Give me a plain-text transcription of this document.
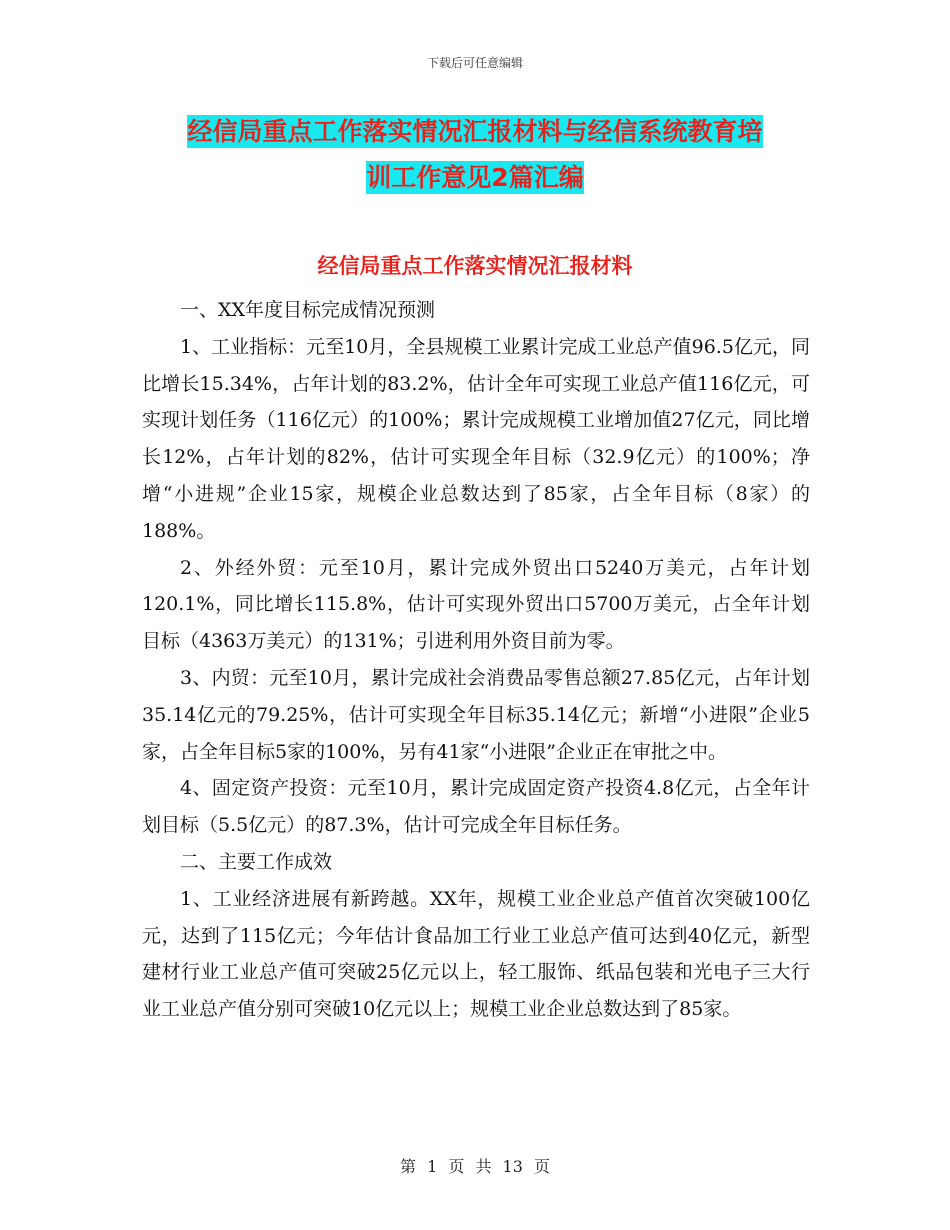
下载后可任意编辑
经信局重点工作落实情况汇报材料与经信系统教育培
训工作意见2篇汇编
经信局重点工作落实情况汇报材料

一、XX年度目标完成情况预测

1、工业指标：元至10月，全县规模工业累计完成工业总产值96.5亿元，同比增长15.34%，占年计划的83.2%，估计全年可实现工业总产值116亿元，可实现计划任务（116亿元）的100%；累计完成规模工业增加值27亿元，同比增长12%，占年计划的82%，估计可实现全年目标（32.9亿元）的100%；净增“小进规”企业15家，规模企业总数达到了85家，占全年目标（8家）的188%。

2、外经外贸：元至10月，累计完成外贸出口5240万美元，占年计划120.1%，同比增长115.8%，估计可实现外贸出口5700万美元，占全年计划目标（4363万美元）的131%；引进利用外资目前为零。

3、内贸：元至10月，累计完成社会消费品零售总额27.85亿元，占年计划35.14亿元的79.25%，估计可实现全年目标35.14亿元；新增“小进限”企业5家，占全年目标5家的100%，另有41家“小进限”企业正在审批之中。

4、固定资产投资：元至10月，累计完成固定资产投资4.8亿元，占全年计划目标（5.5亿元）的87.3%，估计可完成全年目标任务。

二、主要工作成效

1、工业经济进展有新跨越。XX年，规模工业企业总产值首次突破100亿元，达到了115亿元；今年估计食品加工行业工业总产值可达到40亿元，新型建材行业工业总产值可突破25亿元以上，轻工服饰、纸品包装和光电子三大行业工业总产值分别可突破10亿元以上；规模工业企业总数达到了85家。

第 1 页 共 13 页
